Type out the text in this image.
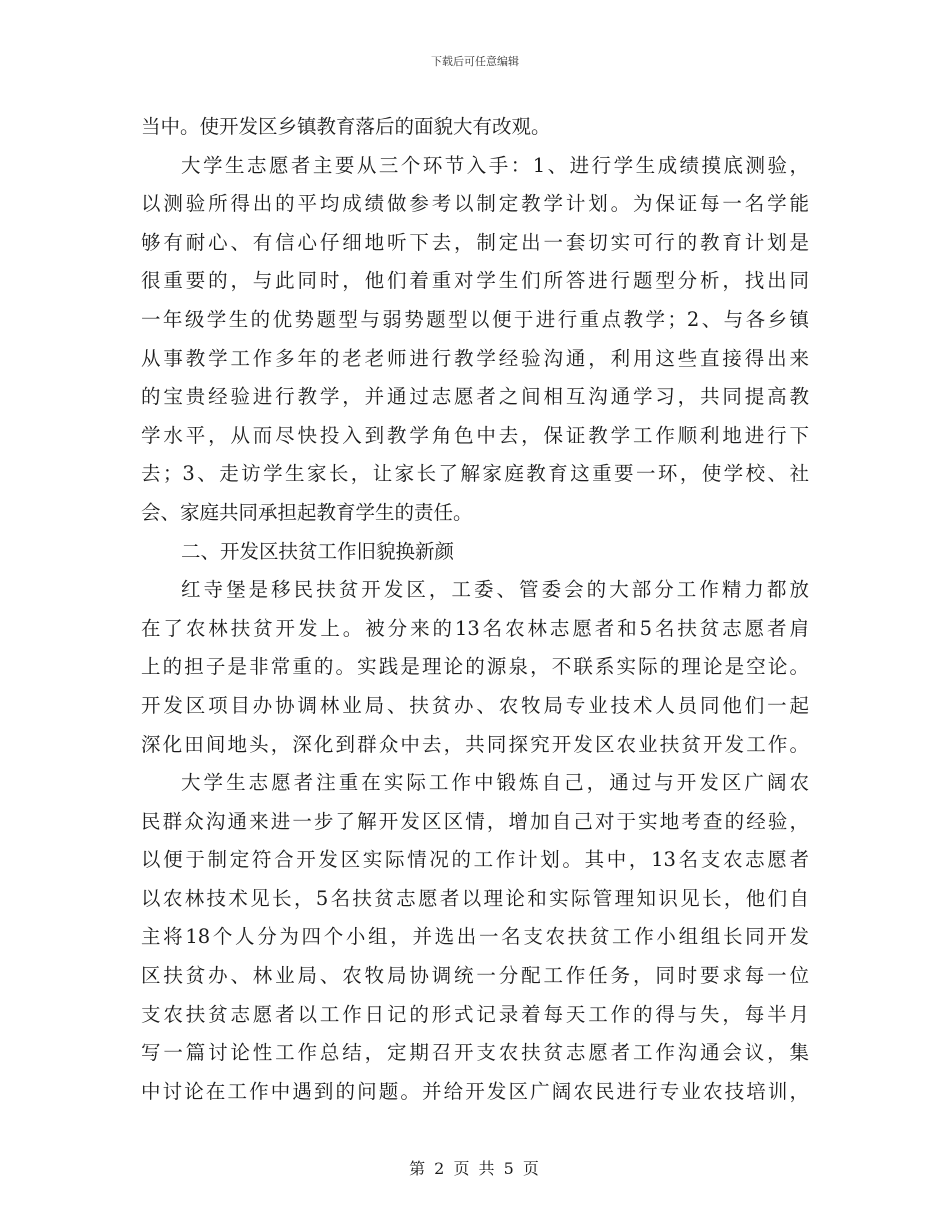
下载后可任意编辑
当中。使开发区乡镇教育落后的面貌大有改观。
大学生志愿者主要从三个环节入手：1、进行学生成绩摸底测验，
以测验所得出的平均成绩做参考以制定教学计划。为保证每一名学能
够有耐心、有信心仔细地听下去，制定出一套切实可行的教育计划是
很重要的，与此同时，他们着重对学生们所答进行题型分析，找出同
一年级学生的优势题型与弱势题型以便于进行重点教学；2、与各乡镇
从事教学工作多年的老老师进行教学经验沟通，利用这些直接得出来
的宝贵经验进行教学，并通过志愿者之间相互沟通学习，共同提高教
学水平，从而尽快投入到教学角色中去，保证教学工作顺利地进行下
去；3、走访学生家长，让家长了解家庭教育这重要一环，使学校、社
会、家庭共同承担起教育学生的责任。
二、开发区扶贫工作旧貌换新颜
红寺堡是移民扶贫开发区，工委、管委会的大部分工作精力都放
在了农林扶贫开发上。被分来的13名农林志愿者和5名扶贫志愿者肩
上的担子是非常重的。实践是理论的源泉，不联系实际的理论是空论。
开发区项目办协调林业局、扶贫办、农牧局专业技术人员同他们一起
深化田间地头，深化到群众中去，共同探究开发区农业扶贫开发工作。
大学生志愿者注重在实际工作中锻炼自己，通过与开发区广阔农
民群众沟通来进一步了解开发区区情，增加自己对于实地考查的经验，
以便于制定符合开发区实际情况的工作计划。其中，13名支农志愿者
以农林技术见长，5名扶贫志愿者以理论和实际管理知识见长，他们自
主将18个人分为四个小组，并选出一名支农扶贫工作小组组长同开发
区扶贫办、林业局、农牧局协调统一分配工作任务，同时要求每一位
支农扶贫志愿者以工作日记的形式记录着每天工作的得与失，每半月
写一篇讨论性工作总结，定期召开支农扶贫志愿者工作沟通会议，集
中讨论在工作中遇到的问题。并给开发区广阔农民进行专业农技培训，
第 2 页 共 5 页
